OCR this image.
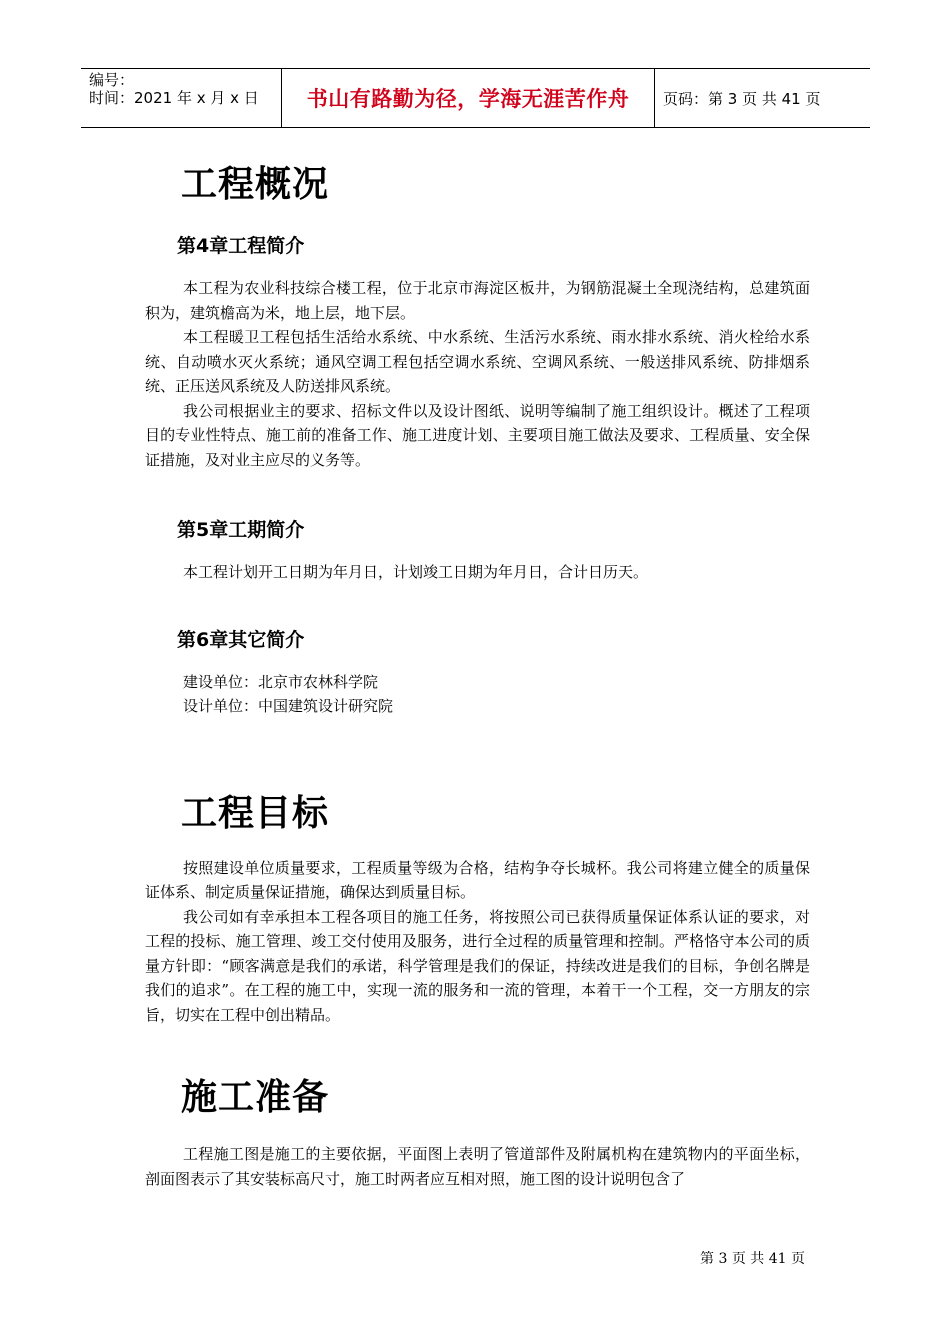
编号：
时间：2021 年 x 月 x 日	书山有路勤为径，学海无涯苦作舟	页码：第 3 页 共 41 页
工程概况
第4章工程简介

本工程为农业科技综合楼工程，位于北京市海淀区板井，为钢筋混凝土全现浇结构，总建筑面积为，建筑檐高为米，地上层，地下层。

本工程暖卫工程包括生活给水系统、中水系统、生活污水系统、雨水排水系统、消火栓给水系统、自动喷水灭火系统；通风空调工程包括空调水系统、空调风系统、一般送排风系统、防排烟系统、正压送风系统及人防送排风系统。

我公司根据业主的要求、招标文件以及设计图纸、说明等编制了施工组织设计。概述了工程项目的专业性特点、施工前的准备工作、施工进度计划、主要项目施工做法及要求、工程质量、安全保证措施，及对业主应尽的义务等。

第5章工期简介

本工程计划开工日期为年月日，计划竣工日期为年月日，合计日历天。

第6章其它简介

建设单位：北京市农林科学院

设计单位：中国建筑设计研究院

工程目标

按照建设单位质量要求，工程质量等级为合格，结构争夺长城杯。我公司将建立健全的质量保证体系、制定质量保证措施，确保达到质量目标。

我公司如有幸承担本工程各项目的施工任务，将按照公司已获得质量保证体系认证的要求，对工程的投标、施工管理、竣工交付使用及服务，进行全过程的质量管理和控制。严格恪守本公司的质量方针即：“顾客满意是我们的承诺，科学管理是我们的保证，持续改进是我们的目标，争创名牌是我们的追求”。在工程的施工中，实现一流的服务和一流的管理，本着干一个工程，交一方朋友的宗旨，切实在工程中创出精品。

施工准备

工程施工图是施工的主要依据，平面图上表明了管道部件及附属机构在建筑物内的平面坐标，剖面图表示了其安装标高尺寸，施工时两者应互相对照，施工图的设计说明包含了

第 3 页 共 41 页
